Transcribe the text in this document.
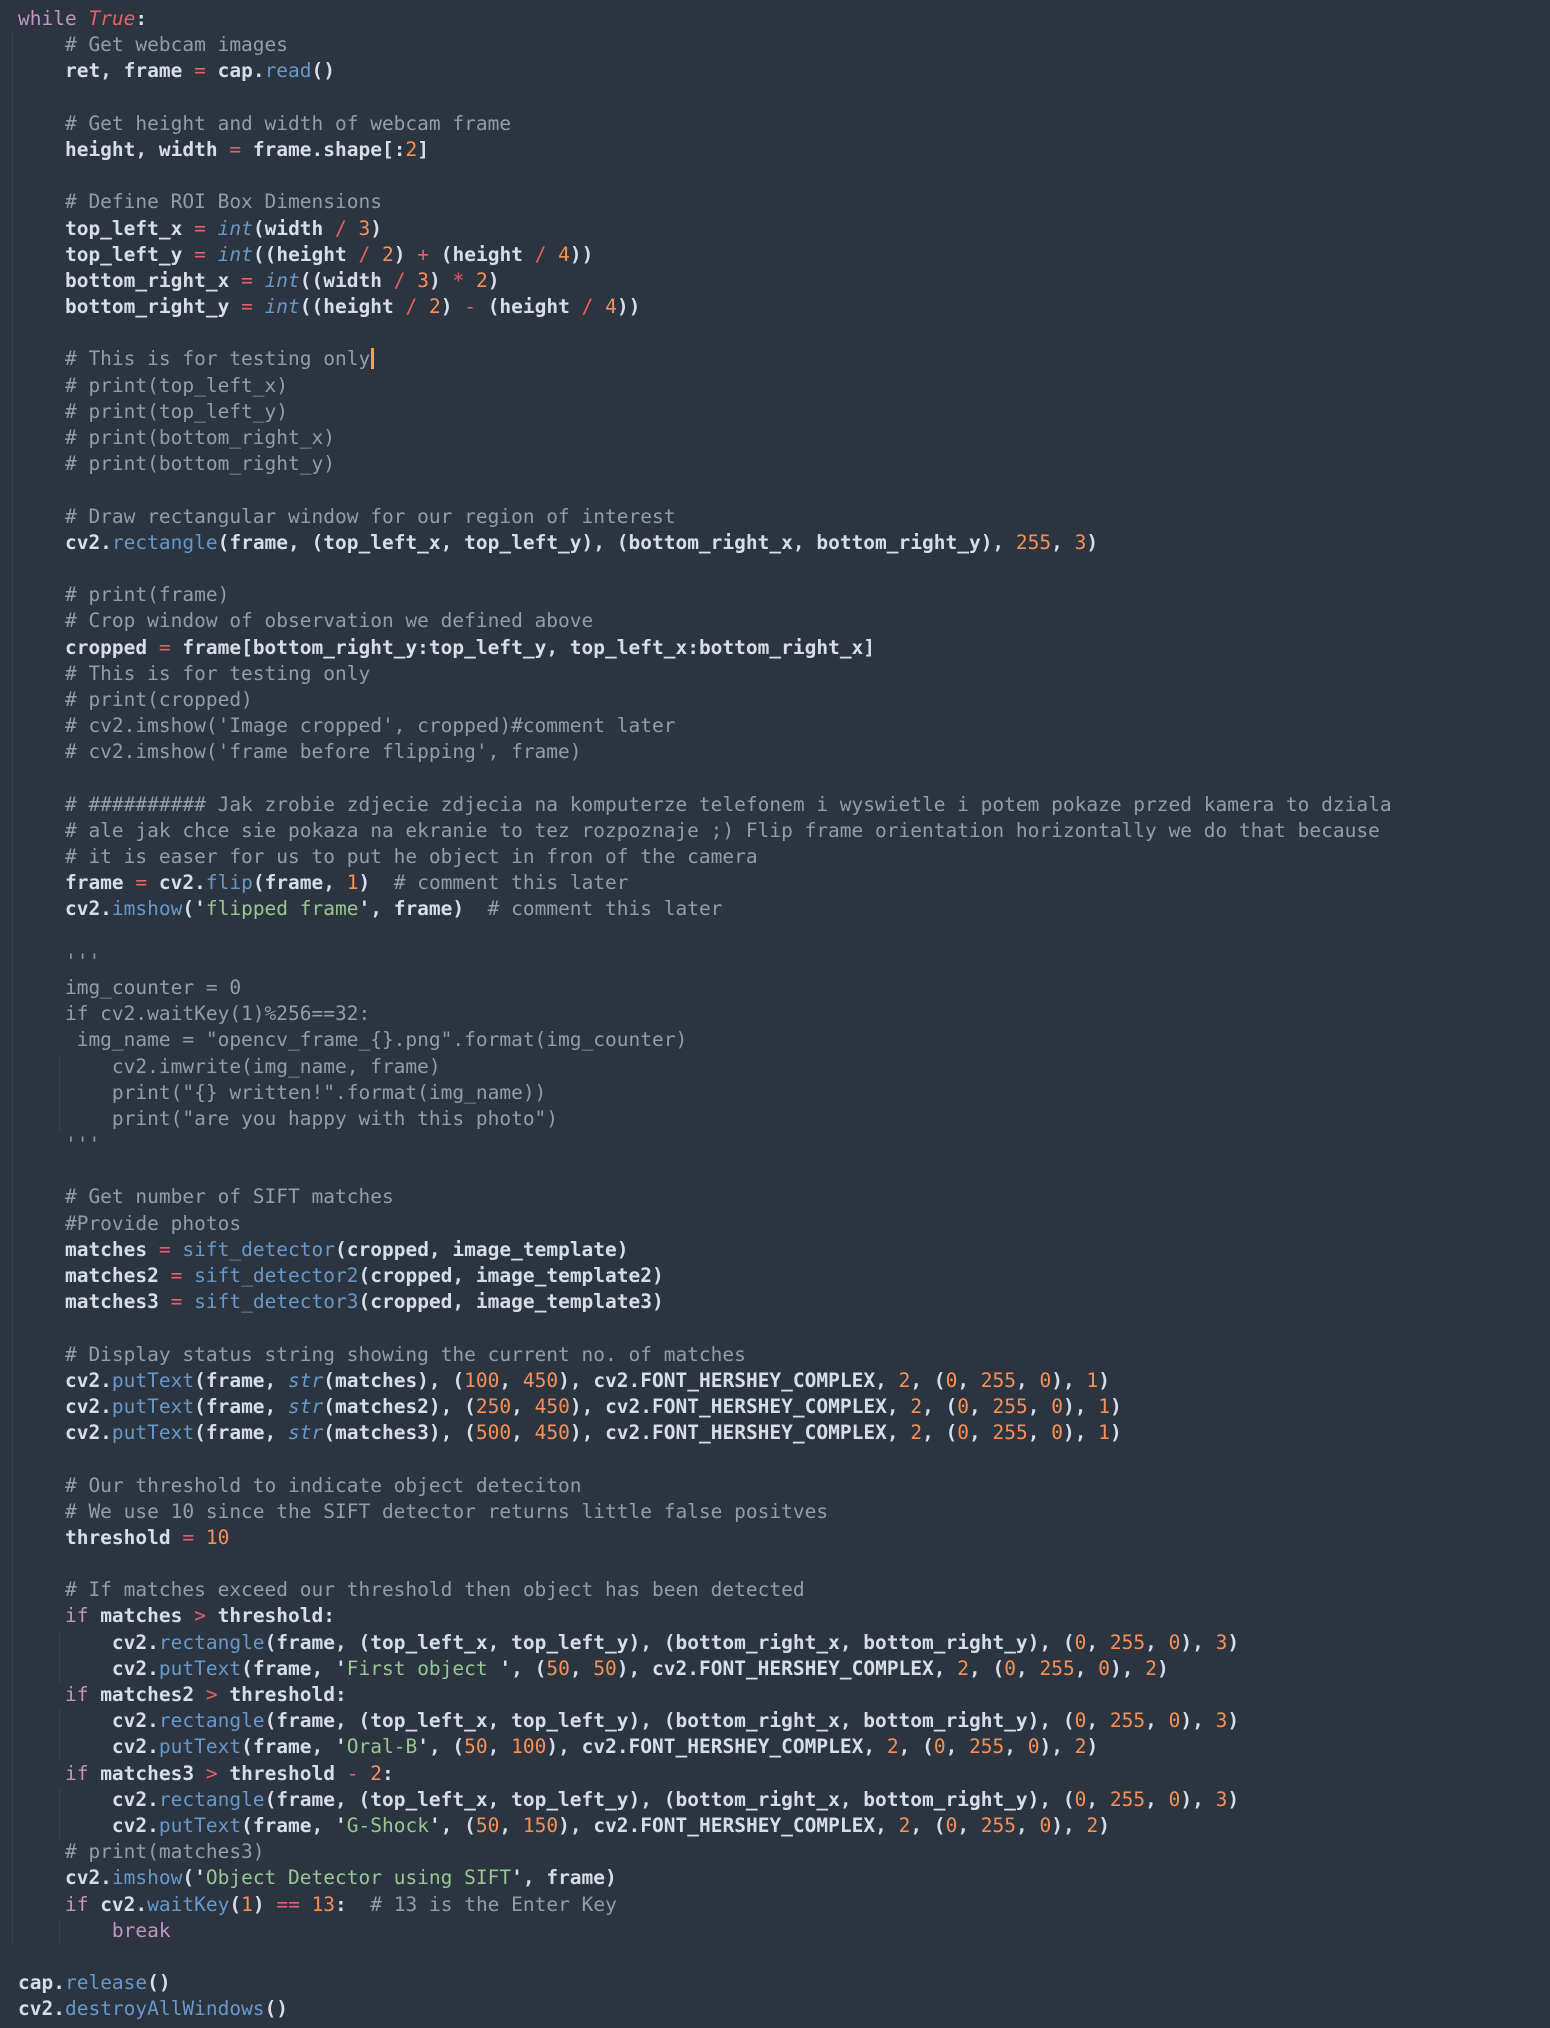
while True:
# Get webcam images
ret, frame = cap.read()
# Get height and width of webcam frame
height, width = frame.shape[:2]
# Define ROI Box Dimensions
top_left_x = int(width / 3)
top_left_y = int((height / 2) + (height / 4))
bottom_right_x = int((width / 3) * 2)
bottom_right_y = int((height / 2) - (height / 4))
# This is for testing only
# print(top_left_x)
# print(top_left_y)
# print(bottom_right_x)
# print(bottom_right_y)
# Draw rectangular window for our region of interest
cv2.rectangle(frame, (top_left_x, top_left_y), (bottom_right_x, bottom_right_y), 255, 3)
# print(frame)
# Crop window of observation we defined above
cropped = frame[bottom_right_y:top_left_y, top_left_x:bottom_right_x]
# This is for testing only
# print(cropped)
# cv2.imshow('Image cropped', cropped)#comment later
# cv2.imshow('frame before flipping', frame)
# ########## Jak zrobie zdjecie zdjecia na komputerze telefonem i wyswietle i potem pokaze przed kamera to dziala
# ale jak chce sie pokaza na ekranie to tez rozpoznaje ;) Flip frame orientation horizontally we do that because
# it is easer for us to put he object in fron of the camera
frame = cv2.flip(frame, 1)  # comment this later
cv2.imshow('flipped frame', frame)  # comment this later
'''
img_counter = 0
if cv2.waitKey(1)%256==32:
img_name = "opencv_frame_{}.png".format(img_counter)
cv2.imwrite(img_name, frame)
print("{} written!".format(img_name))
print("are you happy with this photo")
'''
# Get number of SIFT matches
#Provide photos
matches = sift_detector(cropped, image_template)
matches2 = sift_detector2(cropped, image_template2)
matches3 = sift_detector3(cropped, image_template3)
# Display status string showing the current no. of matches
cv2.putText(frame, str(matches), (100, 450), cv2.FONT_HERSHEY_COMPLEX, 2, (0, 255, 0), 1)
cv2.putText(frame, str(matches2), (250, 450), cv2.FONT_HERSHEY_COMPLEX, 2, (0, 255, 0), 1)
cv2.putText(frame, str(matches3), (500, 450), cv2.FONT_HERSHEY_COMPLEX, 2, (0, 255, 0), 1)
# Our threshold to indicate object deteciton
# We use 10 since the SIFT detector returns little false positves
threshold = 10
# If matches exceed our threshold then object has been detected
if matches > threshold:
cv2.rectangle(frame, (top_left_x, top_left_y), (bottom_right_x, bottom_right_y), (0, 255, 0), 3)
cv2.putText(frame, 'First object ', (50, 50), cv2.FONT_HERSHEY_COMPLEX, 2, (0, 255, 0), 2)
if matches2 > threshold:
cv2.rectangle(frame, (top_left_x, top_left_y), (bottom_right_x, bottom_right_y), (0, 255, 0), 3)
cv2.putText(frame, 'Oral-B', (50, 100), cv2.FONT_HERSHEY_COMPLEX, 2, (0, 255, 0), 2)
if matches3 > threshold - 2:
cv2.rectangle(frame, (top_left_x, top_left_y), (bottom_right_x, bottom_right_y), (0, 255, 0), 3)
cv2.putText(frame, 'G-Shock', (50, 150), cv2.FONT_HERSHEY_COMPLEX, 2, (0, 255, 0), 2)
# print(matches3)
cv2.imshow('Object Detector using SIFT', frame)
if cv2.waitKey(1) == 13:  # 13 is the Enter Key
break
cap.release()
cv2.destroyAllWindows()
